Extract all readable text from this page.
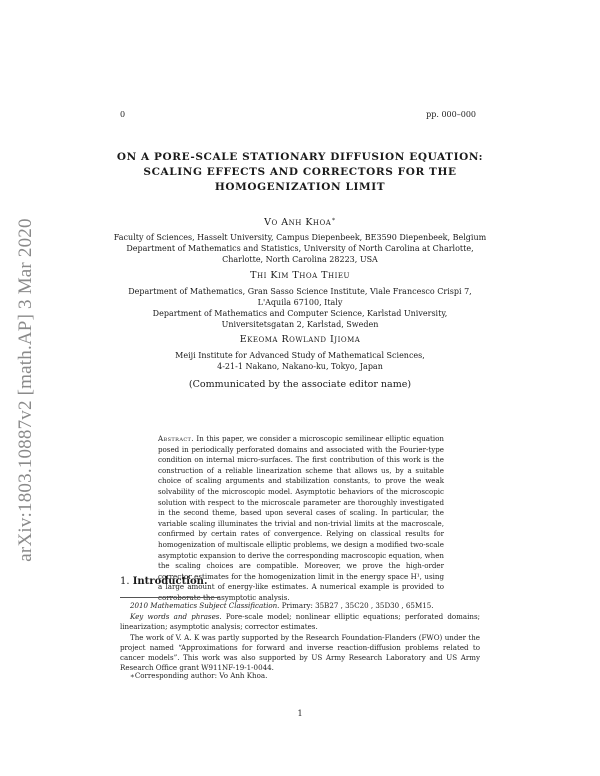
arXiv:1803.10887v2 [math.AP] 3 Mar 2020
0	pp. 000–000
ON A PORE-SCALE STATIONARY DIFFUSION EQUATION:
SCALING EFFECTS AND CORRECTORS FOR THE
HOMOGENIZATION LIMIT
Vo Anh Khoa∗
Faculty of Sciences, Hasselt University, Campus Diepenbeek, BE3590 Diepenbeek, Belgium
Department of Mathematics and Statistics, University of North Carolina at Charlotte,
Charlotte, North Carolina 28223, USA
Thi Kim Thoa Thieu
Department of Mathematics, Gran Sasso Science Institute, Viale Francesco Crispi 7,
L'Aquila 67100, Italy
Department of Mathematics and Computer Science, Karlstad University,
Universitetsgatan 2, Karlstad, Sweden
Ekeoma Rowland Ijioma
Meiji Institute for Advanced Study of Mathematical Sciences,
4-21-1 Nakano, Nakano-ku, Tokyo, Japan
(Communicated by the associate editor name)
Abstract. In this paper, we consider a microscopic semilinear elliptic equation posed in periodically perforated domains and associated with the Fourier-type condition on internal micro-surfaces. The first contribution of this work is the construction of a reliable linearization scheme that allows us, by a suitable choice of scaling arguments and stabilization constants, to prove the weak solvability of the microscopic model. Asymptotic behaviors of the microscopic solution with respect to the microscale parameter are thoroughly investigated in the second theme, based upon several cases of scaling. In particular, the variable scaling illuminates the trivial and non-trivial limits at the macroscale, confirmed by certain rates of convergence. Relying on classical results for homogenization of multiscale elliptic problems, we design a modified two-scale asymptotic expansion to derive the corresponding macroscopic equation, when the scaling choices are compatible. Moreover, we prove the high-order corrector estimates for the homogenization limit in the energy space H¹, using a large amount of energy-like estimates. A numerical example is provided to corroborate the asymptotic analysis.
1. Introduction.
2010 Mathematics Subject Classification. Primary: 35B27 , 35C20 , 35D30 , 65M15.
Key words and phrases. Pore-scale model; nonlinear elliptic equations; perforated domains; linearization; asymptotic analysis; corrector estimates.
The work of V. A. K was partly supported by the Research Foundation-Flanders (FWO) under the project named “Approximations for forward and inverse reaction-diffusion problems related to cancer models”. This work was also supported by US Army Research Laboratory and US Army Research Office grant W911NF-19-1-0044.
∗Corresponding author: Vo Anh Khoa.
1
